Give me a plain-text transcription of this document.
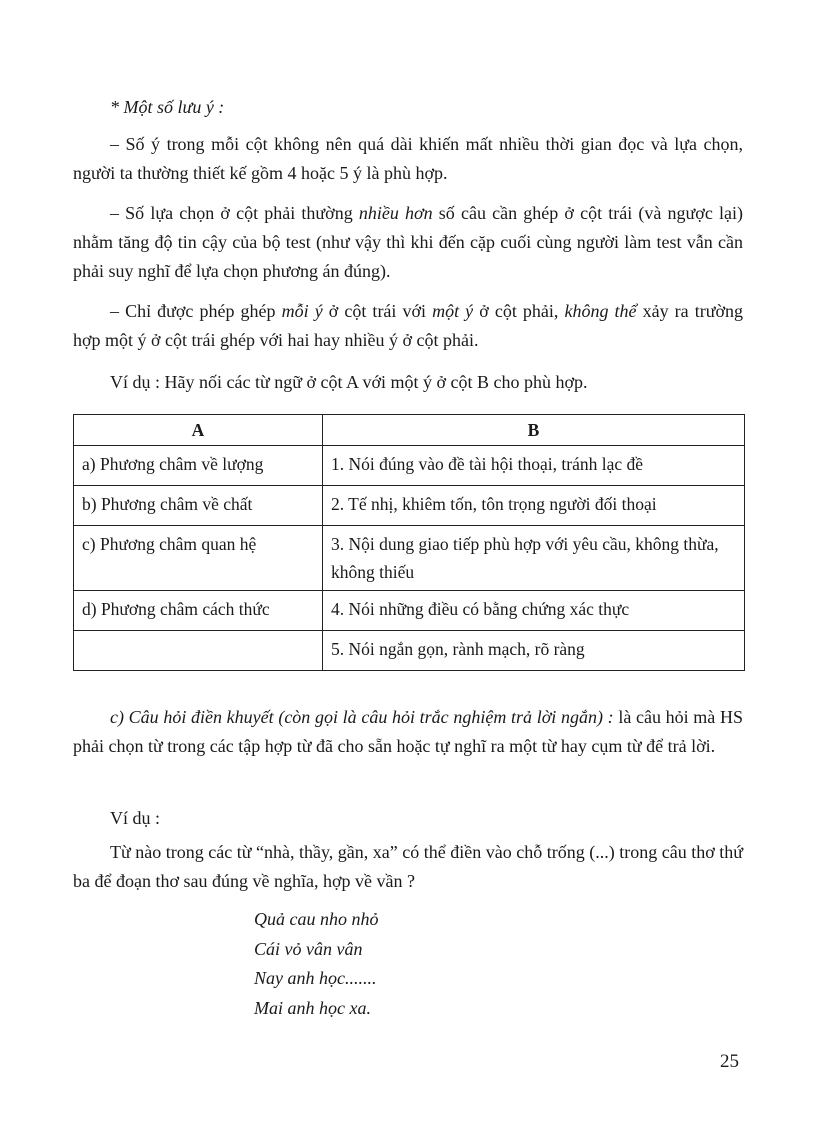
* Một số lưu ý :

– Số ý trong mỗi cột không nên quá dài khiến mất nhiều thời gian đọc và lựa chọn, người ta thường thiết kế gồm 4 hoặc 5 ý là phù hợp.

– Số lựa chọn ở cột phải thường nhiều hơn số câu cần ghép ở cột trái (và ngược lại) nhằm tăng độ tin cậy của bộ test (như vậy thì khi đến cặp cuối cùng người làm test vẫn cần phải suy nghĩ để lựa chọn phương án đúng).

– Chỉ được phép ghép mỗi ý ở cột trái với một ý ở cột phải, không thể xảy ra trường hợp một ý ở cột trái ghép với hai hay nhiều ý ở cột phải.

Ví dụ : Hãy nối các từ ngữ ở cột A với một ý ở cột B cho phù hợp.

A	B
a) Phương châm về lượng	1. Nói đúng vào đề tài hội thoại, tránh lạc đề
b) Phương châm về chất	2. Tế nhị, khiêm tốn, tôn trọng người đối thoại
c) Phương châm quan hệ	3. Nội dung giao tiếp phù hợp với yêu cầu, không thừa, không thiếu
d) Phương châm cách thức	4. Nói những điều có bằng chứng xác thực
	5. Nói ngắn gọn, rành mạch, rõ ràng

c) Câu hỏi điền khuyết (còn gọi là câu hỏi trắc nghiệm trả lời ngắn) : là câu hỏi mà HS phải chọn từ trong các tập hợp từ đã cho sẵn hoặc tự nghĩ ra một từ hay cụm từ để trả lời.

Ví dụ :

Từ nào trong các từ “nhà, thầy, gần, xa” có thể điền vào chỗ trống (...) trong câu thơ thứ ba để đoạn thơ sau đúng về nghĩa, hợp về vần ?

Quả cau nho nhỏ
Cái vỏ vân vân
Nay anh học.......
Mai anh học xa.
25
